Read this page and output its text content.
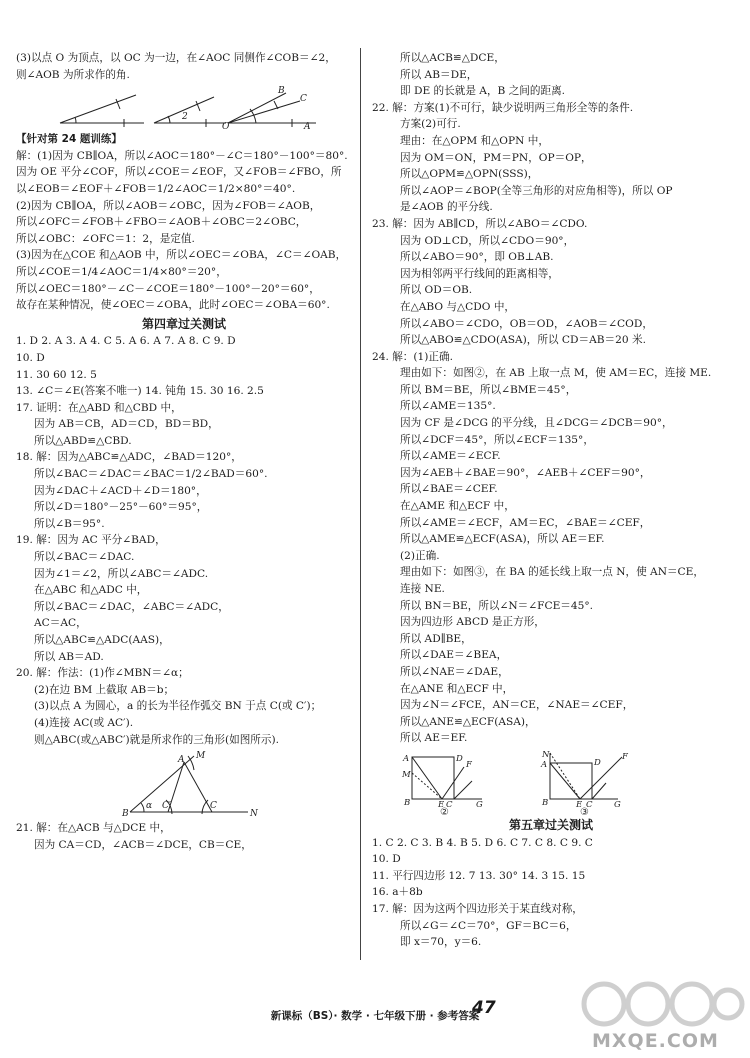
(3)以点 O 为顶点，以 OC 为一边，在∠AOC 同侧作∠COB＝∠2，
则∠AOB 为所求作的角.
2
B
C
O	A
【针对第 24 题训练】
解：(1)因为 CB∥OA，所以∠AOC＝180°－∠C＝180°－100°＝80°.
因为 OE 平分∠COF，所以∠COE＝∠EOF，又∠FOB＝∠FBO，所
以∠EOB＝∠EOF＋∠FOB＝1/2∠AOC＝1/2×80°＝40°.
(2)因为 CB∥OA，所以∠AOB＝∠OBC，因为∠FOB＝∠AOB，
所以∠OFC＝∠FOB＋∠FBO＝∠AOB＋∠OBC＝2∠OBC，
所以∠OBC：∠OFC＝1：2，是定值.
(3)因为在△COE 和△AOB 中，所以∠OEC＝∠OBA，∠C＝∠OAB，
所以∠COE＝1/4∠AOC＝1/4×80°＝20°，
所以∠OEC＝180°－∠C－∠COE＝180°－100°－20°＝60°，
故存在某种情况，使∠OEC＝∠OBA，此时∠OEC＝∠OBA＝60°.
第四章过关测试
1. D 2. A 3. A 4. C 5. A 6. A 7. A 8. C 9. D
10. D
11. 30 60 12. 5
13. ∠C＝∠E(答案不唯一) 14. 钝角 15. 30 16. 2.5
17. 证明：在△ABD 和△CBD 中，
因为 AB＝CB，AD＝CD，BD＝BD，
所以△ABD≌△CBD.
18. 解：因为△ABC≌△ADC，∠BAD＝120°，
所以∠BAC＝∠DAC＝∠BAC＝1/2∠BAD＝60°.
因为∠DAC＋∠ACD＋∠D＝180°，
所以∠D＝180°－25°－60°＝95°，
所以∠B＝95°.
19. 解：因为 AC 平分∠BAD，
所以∠BAC＝∠DAC.
因为∠1＝∠2，所以∠ABC＝∠ADC.
在△ABC 和△ADC 中，
所以∠BAC＝∠DAC，∠ABC＝∠ADC，
AC＝AC，
所以△ABC≌△ADC(AAS)，
所以 AB＝AD.
20. 解：作法：(1)作∠MBN＝∠α；
(2)在边 BM 上截取 AB＝b；
(3)以点 A 为圆心，a 的长为半径作弧交 BN 于点 C(或 C′)；
(4)连接 AC(或 AC′).
则△ABC(或△ABC′)就是所求作的三角形(如图所示).
A M
α
B
C′	C
N
21. 解：在△ACB 与△DCE 中，
因为 CA＝CD，∠ACB＝∠DCE，CB＝CE，
所以△ACB≌△DCE，
所以 AB＝DE，
即 DE 的长就是 A，B 之间的距离.
22. 解：方案(1)不可行，缺少说明两三角形全等的条件.
方案(2)可行.
理由：在△OPM 和△OPN 中，
因为 OM＝ON，PM＝PN，OP＝OP，
所以△OPM≌△OPN(SSS)，
所以∠AOP＝∠BOP(全等三角形的对应角相等)，所以 OP
是∠AOB 的平分线.
23. 解：因为 AB∥CD，所以∠ABO＝∠CDO.
因为 OD⊥CD，所以∠CDO＝90°，
所以∠ABO＝90°，即 OB⊥AB.
因为相邻两平行线间的距离相等，
所以 OD＝OB.
在△ABO 与△CDO 中，
所以∠ABO＝∠CDO，OB＝OD，∠AOB＝∠COD，
所以△ABO≌△CDO(ASA)，所以 CD＝AB＝20 米.
24. 解：(1)正确.
理由如下：如图②，在 AB 上取一点 M，使 AM＝EC，连接 ME.
所以 BM＝BE，所以∠BME＝45°，
所以∠AME＝135°.
因为 CF 是∠DCG 的平分线，且∠DCG＝∠DCB＝90°，
所以∠DCF＝45°，所以∠ECF＝135°，
所以∠AME＝∠ECF.
因为∠AEB＋∠BAE＝90°，∠AEB＋∠CEF＝90°，
所以∠BAE＝∠CEF.
在△AME 和△ECF 中，
所以∠AME＝∠ECF，AM＝EC，∠BAE＝∠CEF，
所以△AME≌△ECF(ASA)，所以 AE＝EF.
(2)正确.
理由如下：如图③，在 BA 的延长线上取一点 N，使 AN＝CE，
连接 NE.
所以 BN＝BE，所以∠N＝∠FCE＝45°.
因为四边形 ABCD 是正方形，
所以 AD∥BE，
所以∠DAE＝∠BEA，
所以∠NAE＝∠DAE，
在△ANE 和△ECF 中，
因为∠N＝∠FCE，AN＝CE，∠NAE＝∠CEF，
所以△ANE≌△ECF(ASA)，
所以 AE＝EF.
A	D
M
B	E C
F
G
N
A	D
B	E C
F
G
②	③
第五章过关测试
1. C 2. C 3. B 4. B 5. D 6. C 7. C 8. C 9. C
10. D
11. 平行四边形 12. 7 13. 30° 14. 3 15. 15
16. a＋8b
17. 解：因为这两个四边形关于某直线对称，
所以∠G＝∠C＝70°，GF＝BC＝6，
即 x＝70，y＝6.
新课标（BS）· 数学 · 七年级下册 · 参考答案
47
MXQE.COM
